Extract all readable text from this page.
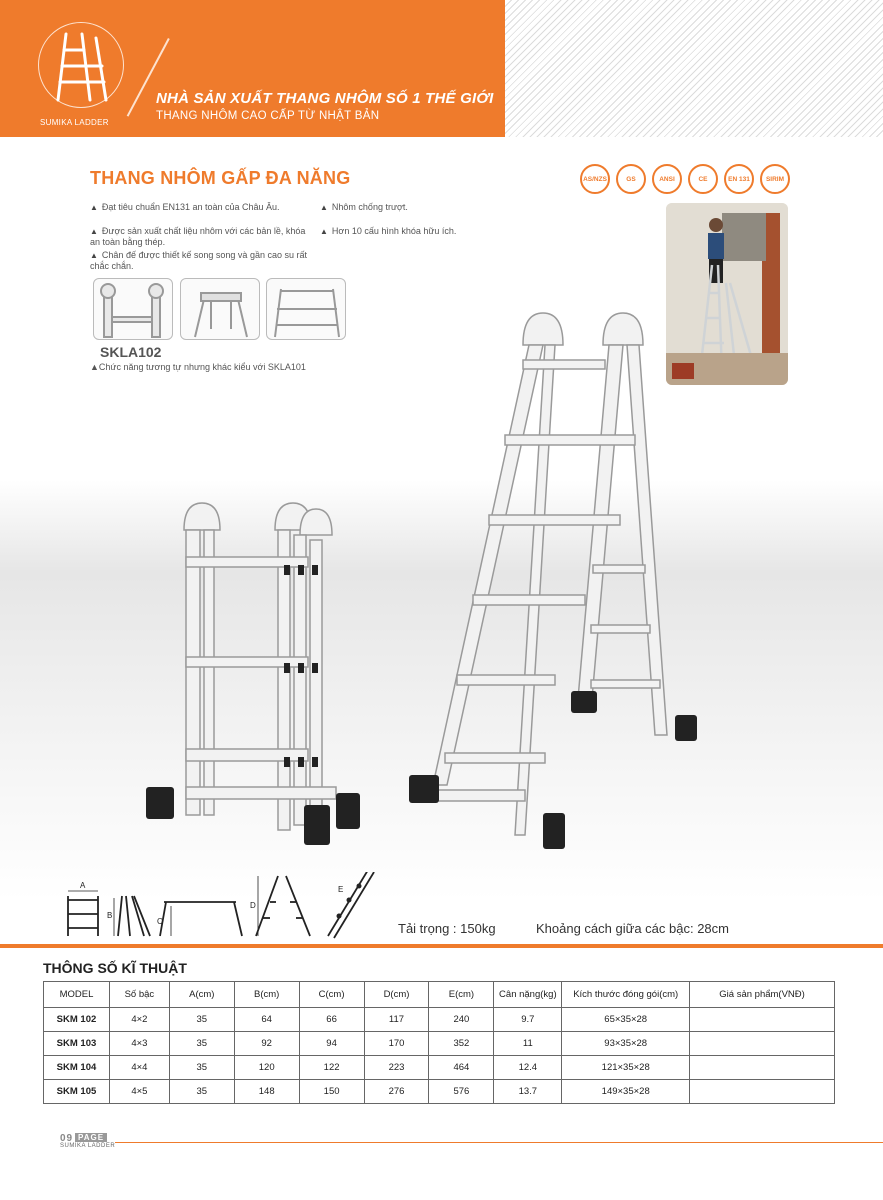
SUMIKA LADDER
NHÀ SẢN XUẤT THANG NHÔM SỐ 1 THẾ GIỚI
THANG NHÔM CAO CẤP TỪ NHẬT BẢN
THANG NHÔM GẤP ĐA NĂNG	AS/NZS	GS	ANSI	CE	EN 131	SIRIM
▲ Đạt tiêu chuẩn EN131 an toàn của Châu Âu.
▲ Được sản xuất chất liệu nhôm với các bản lề, khóa an toàn bằng thép.
▲ Chân đế được thiết kế song song và gần cao su rất chắc chắn.
▲ Nhôm chống trượt.
▲ Hơn 10 cấu hình khóa hữu ích.
SKLA102
▲Chức năng tương tự nhưng khác kiểu với SKLA101
A
B
C
D
E
Tải trọng : 150kg	Khoảng cách giữa các bậc: 28cm
THÔNG SỐ KĨ THUẬT
MODEL	Số bậc	A(cm)	B(cm)	C(cm)	D(cm)	E(cm)	Cân nặng(kg)	Kích thước đóng gói(cm)	Giá sản phẩm(VNĐ)
SKM 102	4×2	35	64	66	117	240	9.7	65×35×28	
SKM 103	4×3	35	92	94	170	352	11	93×35×28	
SKM 104	4×4	35	120	122	223	464	12.4	121×35×28	
SKM 105	4×5	35	148	150	276	576	13.7	149×35×28	
09 PAGE
SUMIKA LADDER
